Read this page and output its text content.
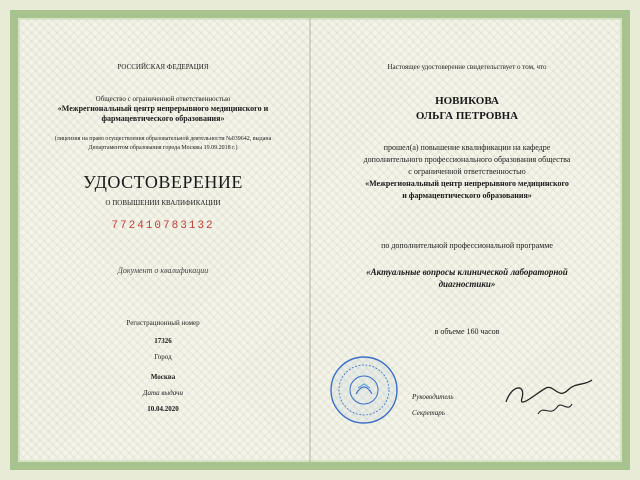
РОССИЙСКАЯ ФЕДЕРАЦИЯ
Общество с ограниченной ответственностью
«Межрегиональный центр непрерывного медицинского и
фармацевтического образования»
(лицензия на право осуществления образовательной деятельности №039642, выдана
Департаментом образования города Москвы 19.09.2018 г.)
УДОСТОВЕРЕНИЕ
О ПОВЫШЕНИИ КВАЛИФИКАЦИИ
772410783132
Документ о квалификации
Регистрационный номер
17326
Город
Москва
Дата выдачи
10.04.2020
Настоящее удостоверение свидетельствует о том, что
НОВИКОВА
ОЛЬГА ПЕТРОВНА
прошел(а) повышение квалификации на кафедре
дополнительного профессионального образования общества
с ограниченной ответственностью
«Межрегиональный центр непрерывного медицинского
и фармацевтического образования»
по дополнительной профессиональной программе
«Актуальные вопросы клинической лабораторной
диагностики»
в объеме 160 часов
Руководитель
Секретарь
